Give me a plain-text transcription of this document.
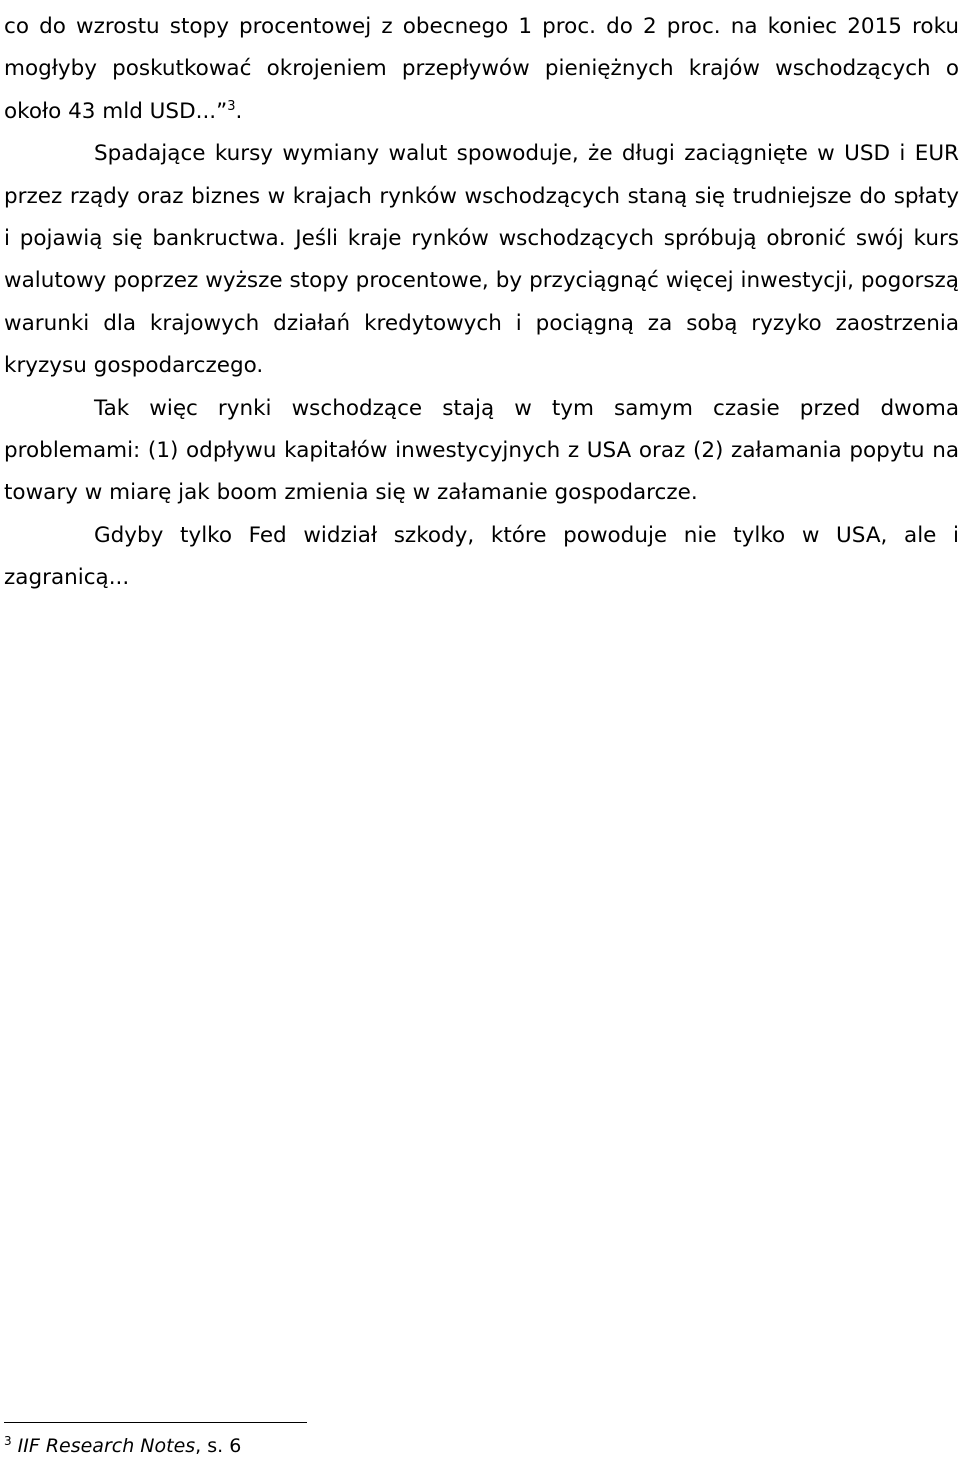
co do wzrostu stopy procentowej z obecnego 1 proc. do 2 proc. na koniec 2015 roku mogłyby poskutkować okrojeniem przepływów pieniężnych krajów wschodzących o około 43 mld USD...”$^3$.

Spadające kursy wymiany walut spowoduje, że długi zaciągnięte w USD i EUR przez rządy oraz biznes w krajach rynków wschodzących staną się trudniejsze do spłaty i pojawią się bankructwa. Jeśli kraje rynków wschodzących spróbują obronić swój kurs walutowy poprzez wyższe stopy procentowe, by przyciągnąć więcej inwestycji, pogorszą warunki dla krajowych działań kredytowych i pociągną za sobą ryzyko zaostrzenia kryzysu gospodarczego.

Tak więc rynki wschodzące stają w tym samym czasie przed dwoma problemami: (1) odpływu kapitałów inwestycyjnych z USA oraz (2) załamania popytu na towary w miarę jak boom zmienia się w załamanie gospodarcze.

Gdyby tylko Fed widział szkody, które powoduje nie tylko w USA, ale i zagranicą...

$^3$ IIF Research Notes, s. 6
